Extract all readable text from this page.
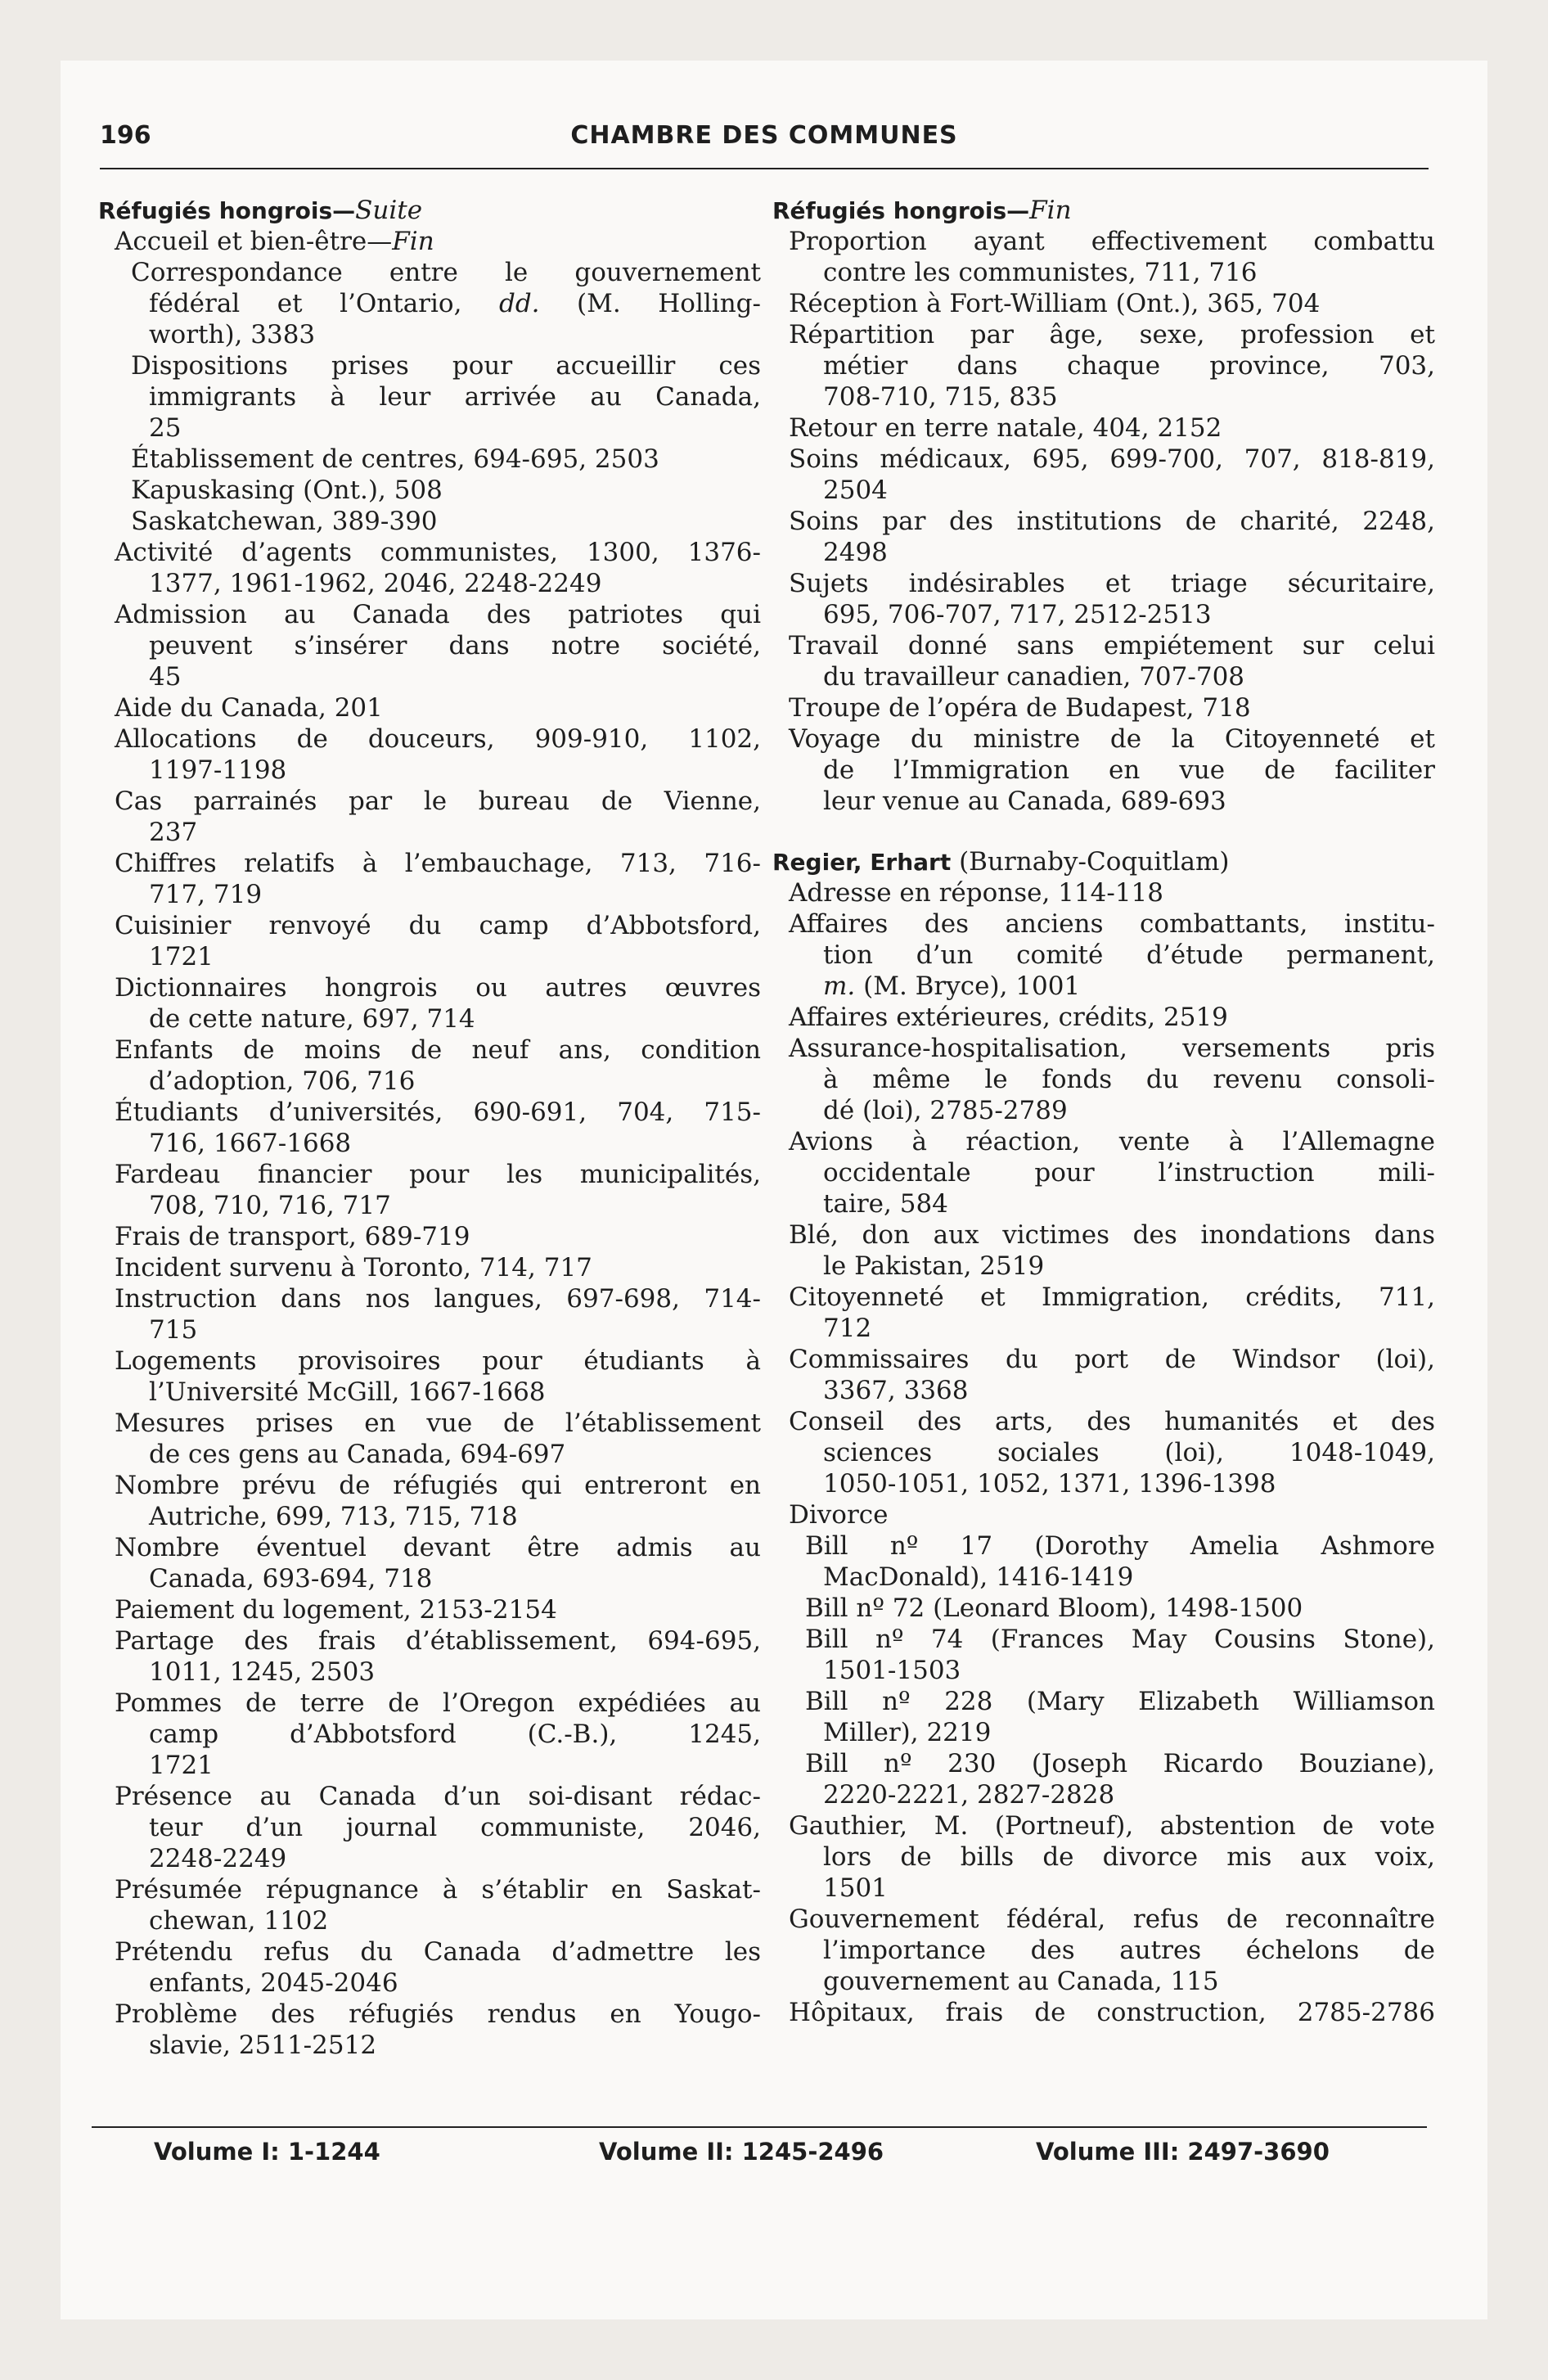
196	CHAMBRE DES COMMUNES
Réfugiés hongrois—Suite
Accueil et bien-être—Fin
Correspondance entre le gouvernement
fédéral et l’Ontario, dd. (M. Holling-
worth), 3383
Dispositions prises pour accueillir ces
immigrants à leur arrivée au Canada,
25
Établissement de centres, 694-695, 2503
Kapuskasing (Ont.), 508
Saskatchewan, 389-390
Activité d’agents communistes, 1300, 1376-
1377, 1961-1962, 2046, 2248-2249
Admission au Canada des patriotes qui
peuvent s’insérer dans notre société,
45
Aide du Canada, 201
Allocations de douceurs, 909-910, 1102,
1197-1198
Cas parrainés par le bureau de Vienne,
237
Chiffres relatifs à l’embauchage, 713, 716-
717, 719
Cuisinier renvoyé du camp d’Abbotsford,
1721
Dictionnaires hongrois ou autres œuvres
de cette nature, 697, 714
Enfants de moins de neuf ans, condition
d’adoption, 706, 716
Étudiants d’universités, 690-691, 704, 715-
716, 1667-1668
Fardeau financier pour les municipalités,
708, 710, 716, 717
Frais de transport, 689-719
Incident survenu à Toronto, 714, 717
Instruction dans nos langues, 697-698, 714-
715
Logements provisoires pour étudiants à
l’Université McGill, 1667-1668
Mesures prises en vue de l’établissement
de ces gens au Canada, 694-697
Nombre prévu de réfugiés qui entreront en
Autriche, 699, 713, 715, 718
Nombre éventuel devant être admis au
Canada, 693-694, 718
Paiement du logement, 2153-2154
Partage des frais d’établissement, 694-695,
1011, 1245, 2503
Pommes de terre de l’Oregon expédiées au
camp d’Abbotsford (C.-B.), 1245,
1721
Présence au Canada d’un soi-disant rédac-
teur d’un journal communiste, 2046,
2248-2249
Présumée répugnance à s’établir en Saskat-
chewan, 1102
Prétendu refus du Canada d’admettre les
enfants, 2045-2046
Problème des réfugiés rendus en Yougo-
slavie, 2511-2512
Réfugiés hongrois—Fin
Proportion ayant effectivement combattu
contre les communistes, 711, 716
Réception à Fort-William (Ont.), 365, 704
Répartition par âge, sexe, profession et
métier dans chaque province, 703,
708-710, 715, 835
Retour en terre natale, 404, 2152
Soins médicaux, 695, 699-700, 707, 818-819,
2504
Soins par des institutions de charité, 2248,
2498
Sujets indésirables et triage sécuritaire,
695, 706-707, 717, 2512-2513
Travail donné sans empiétement sur celui
du travailleur canadien, 707-708
Troupe de l’opéra de Budapest, 718
Voyage du ministre de la Citoyenneté et
de l’Immigration en vue de faciliter
leur venue au Canada, 689-693
Regier, Erhart (Burnaby-Coquitlam)
Adresse en réponse, 114-118
Affaires des anciens combattants, institu-
tion d’un comité d’étude permanent,
m. (M. Bryce), 1001
Affaires extérieures, crédits, 2519
Assurance-hospitalisation, versements pris
à même le fonds du revenu consoli-
dé (loi), 2785-2789
Avions à réaction, vente à l’Allemagne
occidentale pour l’instruction mili-
taire, 584
Blé, don aux victimes des inondations dans
le Pakistan, 2519
Citoyenneté et Immigration, crédits, 711,
712
Commissaires du port de Windsor (loi),
3367, 3368
Conseil des arts, des humanités et des
sciences sociales (loi), 1048-1049,
1050-1051, 1052, 1371, 1396-1398
Divorce
Bill nº 17 (Dorothy Amelia Ashmore
MacDonald), 1416-1419
Bill nº 72 (Leonard Bloom), 1498-1500
Bill nº 74 (Frances May Cousins Stone),
1501-1503
Bill nº 228 (Mary Elizabeth Williamson
Miller), 2219
Bill nº 230 (Joseph Ricardo Bouziane),
2220-2221, 2827-2828
Gauthier, M. (Portneuf), abstention de vote
lors de bills de divorce mis aux voix,
1501
Gouvernement fédéral, refus de reconnaître
l’importance des autres échelons de
gouvernement au Canada, 115
Hôpitaux, frais de construction, 2785-2786
Volume I: 1-1244	Volume II: 1245-2496	Volume III: 2497-3690
